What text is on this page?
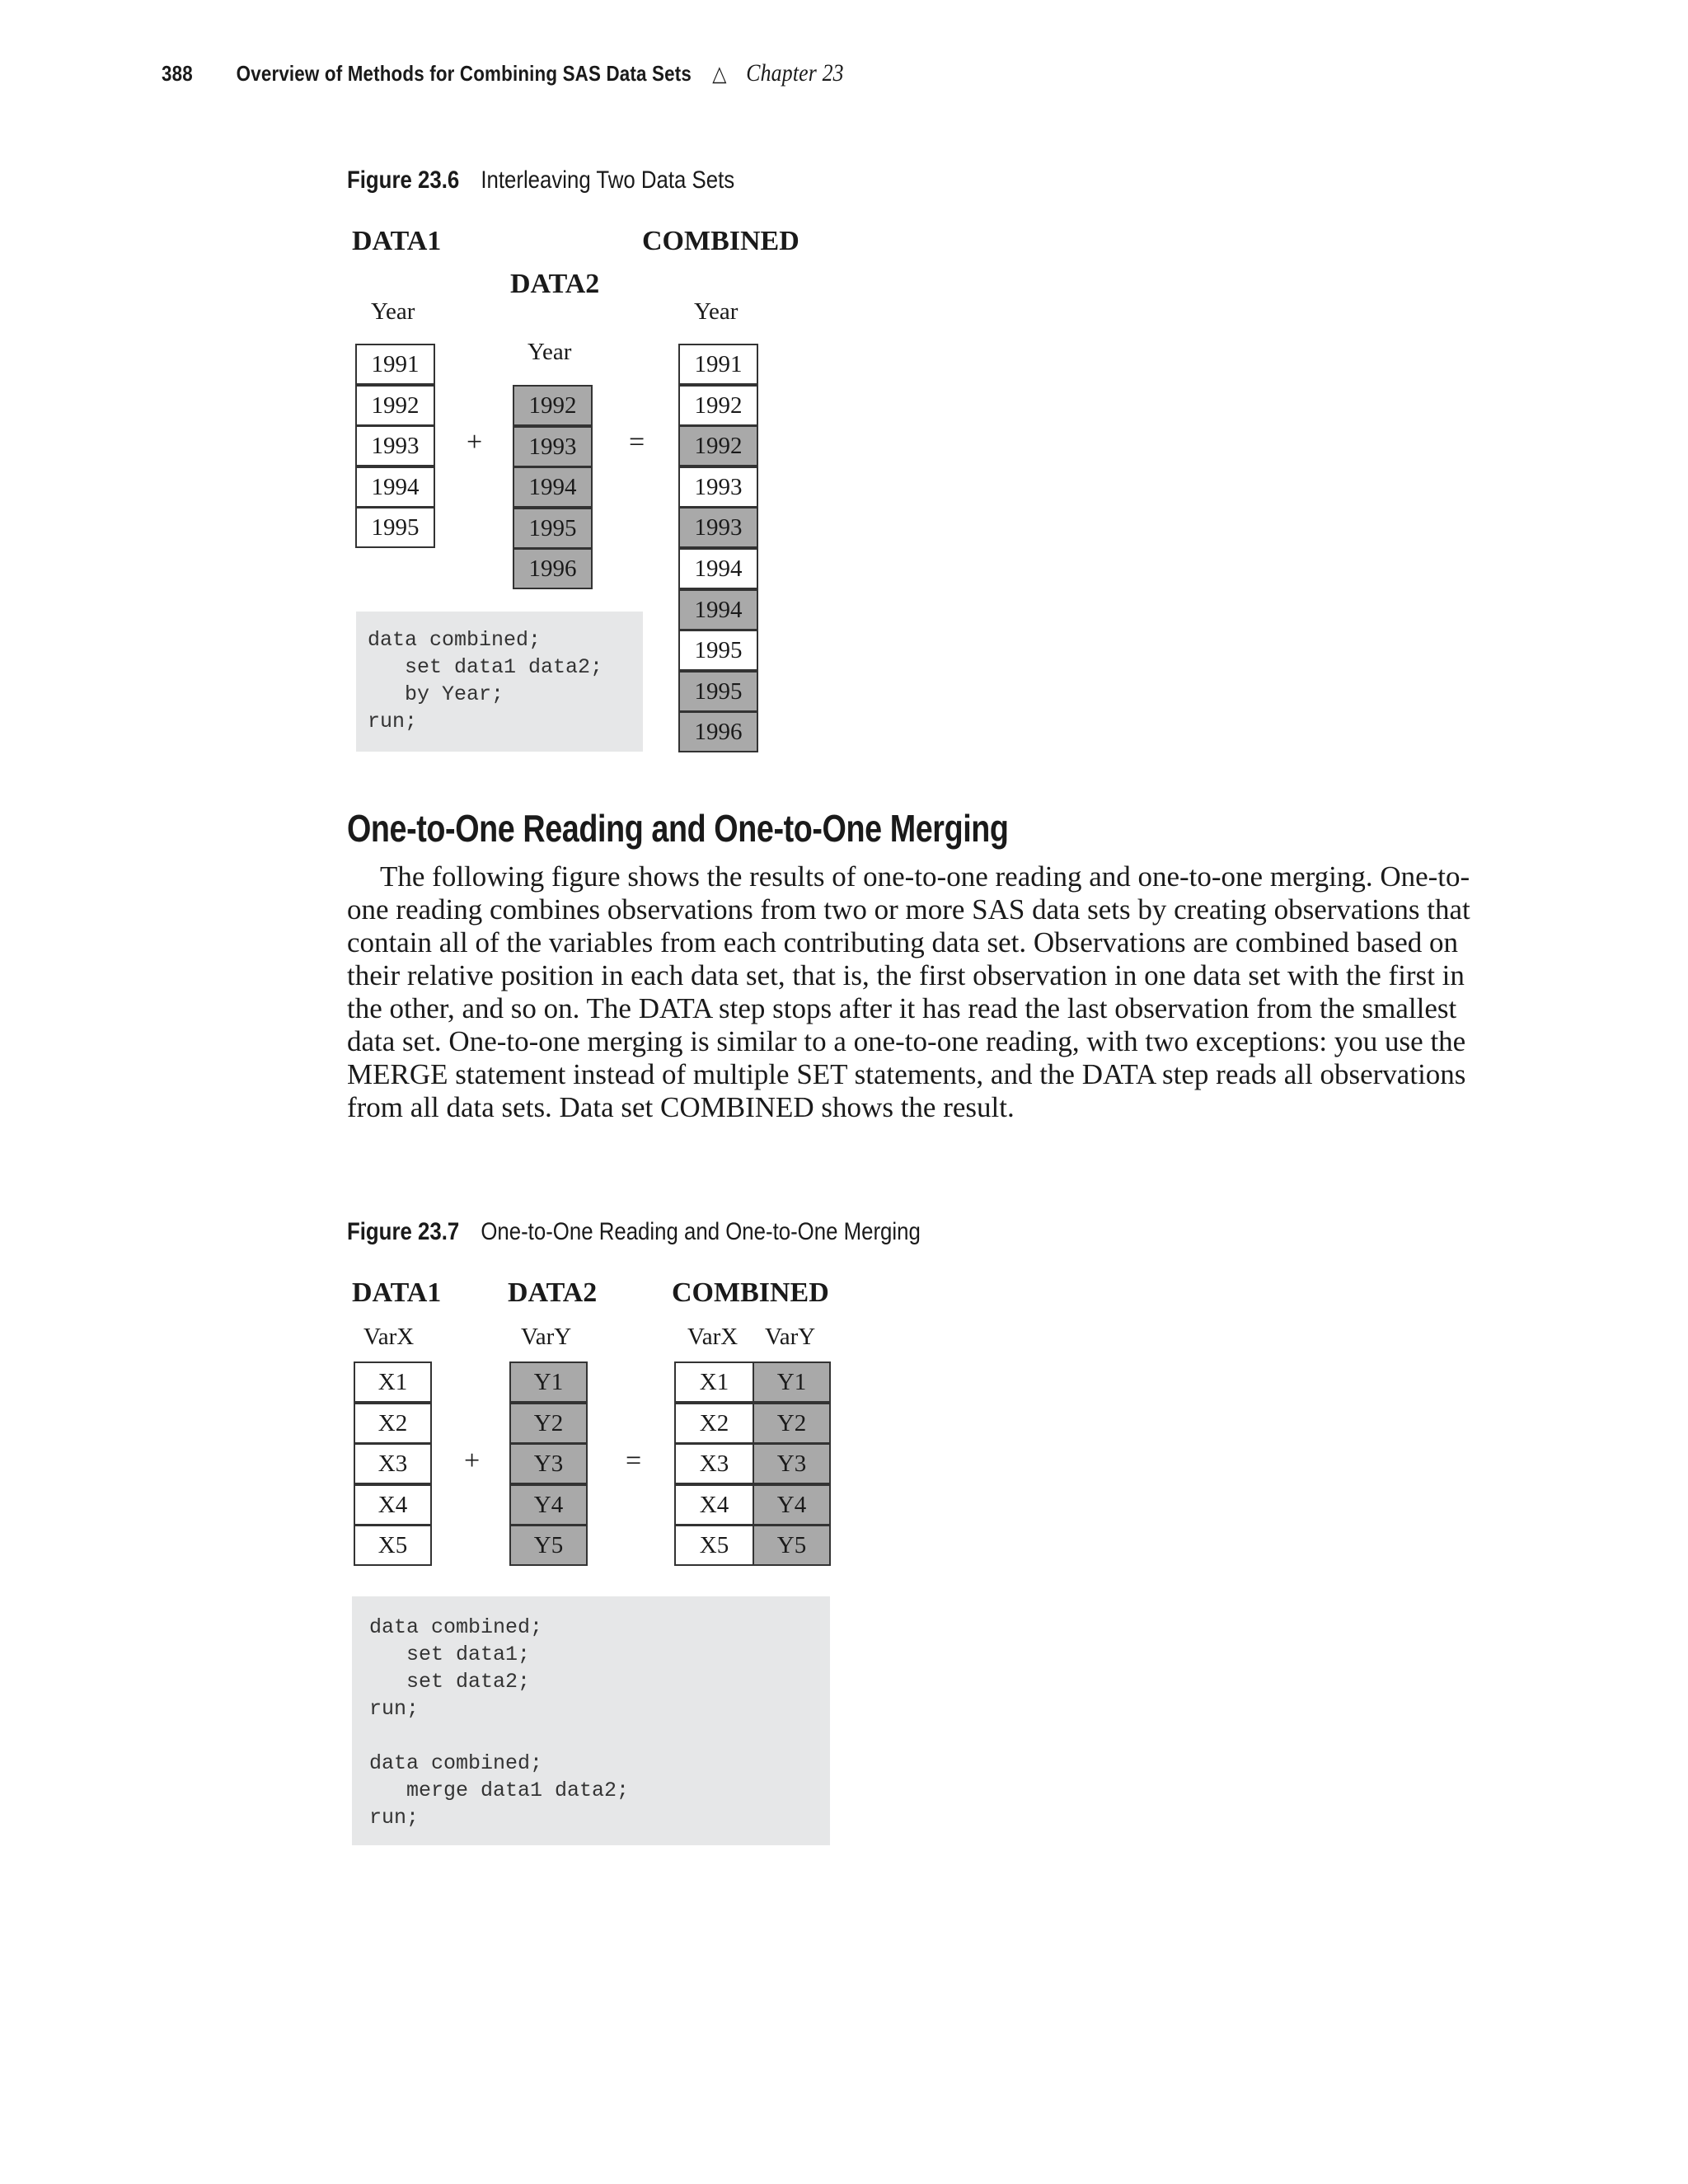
388 Overview of Methods for Combining SAS Data Sets △ Chapter 23
Figure 23.6 Interleaving Two Data Sets
DATA1
DATA2
COMBINED
Year
Year
Year
1991
1992
1993
1994
1995
1992
1993
1994
1995
1996
1991
1992
1992
1993
1993
1994
1994
1995
1995
1996
+	=
data combined;
set data1 data2;
by Year;
run;
One-to-One Reading and One-to-One Merging

The following figure shows the results of one-to-one reading and one-to-one merging. One-to-one reading combines observations from two or more SAS data sets by creating observations that contain all of the variables from each contributing data set. Observations are combined based on their relative position in each data set, that is, the first observation in one data set with the first in the other, and so on. The DATA step stops after it has read the last observation from the smallest data set. One-to-one merging is similar to a one-to-one reading, with two exceptions: you use the MERGE statement instead of multiple SET statements, and the DATA step reads all observations from all data sets. Data set COMBINED shows the result.

Figure 23.7 One-to-One Reading and One-to-One Merging
DATA1 DATA2	COMBINED
VarX	VarY	VarX VarY
X1
X2
X3
X4
X5
Y1
Y2
Y3
Y4
Y5
X1	Y1
X2	Y2
X3	Y3
X4	Y4
X5	Y5
+	=
data combined;
set data1;
set data2;
run;

data combined;
merge data1 data2;
run;
